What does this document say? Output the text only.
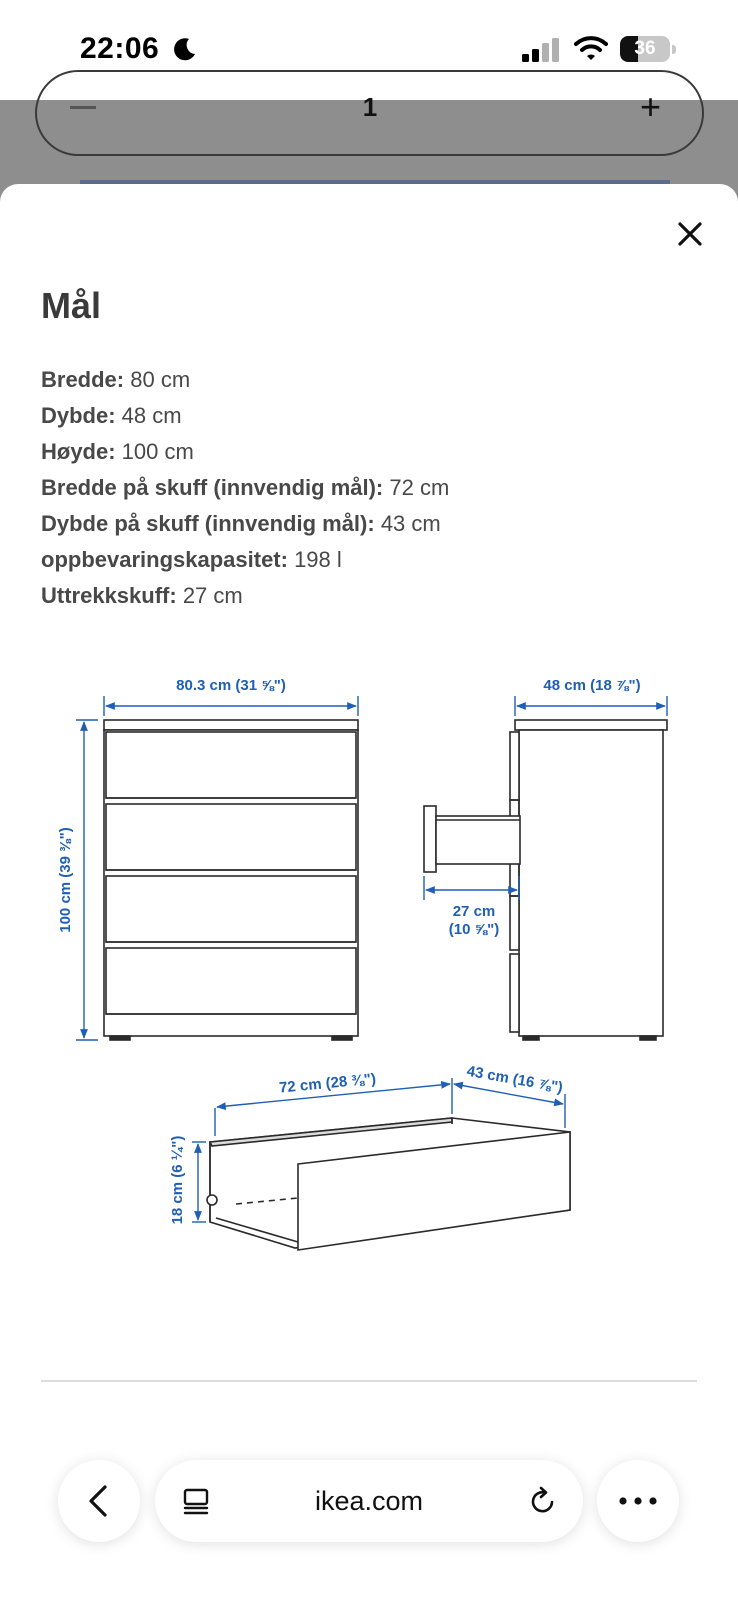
22:06	36
1	+
Mål
Bredde: 80 cm
Dybde: 48 cm
Høyde: 100 cm
Bredde på skuff (innvendig mål): 72 cm
Dybde på skuff (innvendig mål): 43 cm
oppbevaringskapasitet: 198 l
Uttrekkskuff: 27 cm
80.3 cm (31 ⅝")
100 cm (39 ⅜")
48 cm (18 ⅞")
27 cm
(10 ⅝")
72 cm (28 ⅜")	43 cm (16 ⅞")
18 cm (6 ¼")
ikea.com
